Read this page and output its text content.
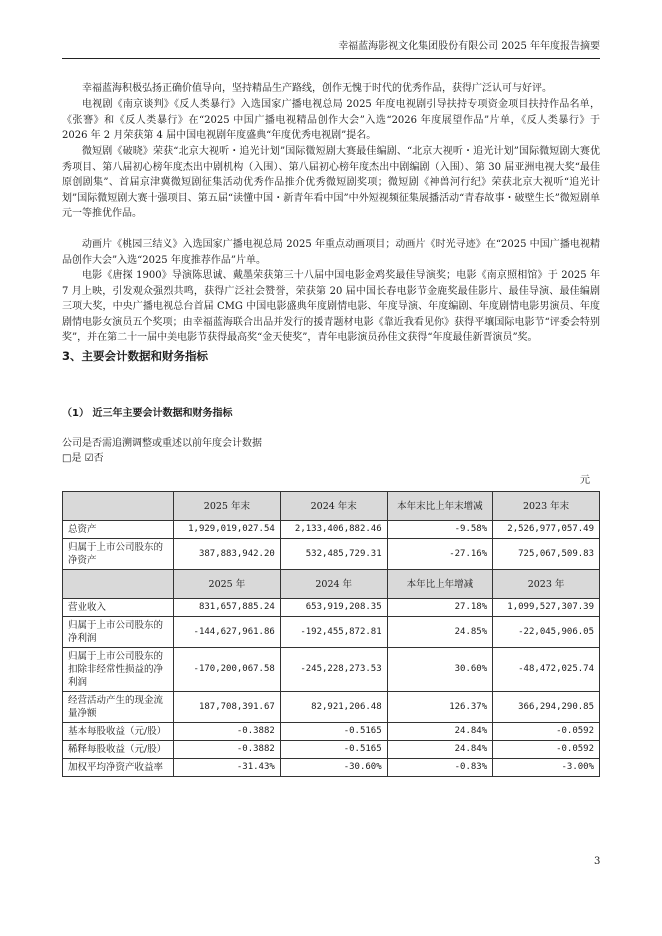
幸福蓝海影视文化集团股份有限公司 2025 年年度报告摘要

幸福蓝海积极弘扬正确价值导向，坚持精品生产路线，创作无愧于时代的优秀作品，获得广泛认可与好评。

电视剧《南京谈判》《反人类暴行》入选国家广播电视总局 2025 年度电视剧引导扶持专项资金项目扶持作品名单，《张謇》和《反人类暴行》在“2025 中国广播电视精品创作大会”入选“2026 年度展望作品”片单，《反人类暴行》于 2026 年 2 月荣获第 4 届中国电视剧年度盛典“年度优秀电视剧”提名。

微短剧《破晓》荣获“北京大视听・追光计划”国际微短剧大赛最佳编剧、“北京大视听・追光计划”国际微短剧大赛优秀项目、第八届初心榜年度杰出中剧机构（入围）、第八届初心榜年度杰出中剧编剧（入围）、第 30 届亚洲电视大奖“最佳原创剧集”、首届京津冀微短剧征集活动优秀作品推介优秀微短剧奖项；微短剧《神兽河行纪》荣获北京大视听“追光计划”国际微短剧大赛十强项目、第五届“读懂中国・新青年看中国”中外短视频征集展播活动“青春故事・破壁生长”微短剧单元一等推优作品。

动画片《桃园三结义》入选国家广播电视总局 2025 年重点动画项目；动画片《时光寻迹》在“2025 中国广播电视精品创作大会”入选“2025 年度推荐作品”片单。

电影《唐探 1900》导演陈思诚、戴墨荣获第三十八届中国电影金鸡奖最佳导演奖；电影《南京照相馆》于 2025 年 7 月上映，引发观众强烈共鸣，获得广泛社会赞誉，荣获第 20 届中国长春电影节金鹿奖最佳影片、最佳导演、最佳编剧三项大奖，中央广播电视总台首届 CMG 中国电影盛典年度剧情电影、年度导演、年度编剧、年度剧情电影男演员、年度剧情电影女演员五个奖项；由幸福蓝海联合出品并发行的援青题材电影《靠近我看见你》获得平壤国际电影节“评委会特别奖”，并在第二十一届中美电影节获得最高奖“金天使奖”，青年电影演员孙佳文获得“年度最佳新晋演员”奖。

3、主要会计数据和财务指标
（1） 近三年主要会计数据和财务指标
公司是否需追溯调整或重述以前年度会计数据
□是 ☑否
元
	2025 年末	2024 年末	本年末比上年末增减	2023 年末
总资产	1,929,019,027.54	2,133,406,882.46	-9.58%	2,526,977,057.49
归属于上市公司股东的净资产	387,883,942.20	532,485,729.31	-27.16%	725,067,509.83
	2025 年	2024 年	本年比上年增减	2023 年
营业收入	831,657,885.24	653,919,208.35	27.18%	1,099,527,307.39
归属于上市公司股东的净利润	-144,627,961.86	-192,455,872.81	24.85%	-22,045,906.05
归属于上市公司股东的扣除非经常性损益的净利润	-170,200,067.58	-245,228,273.53	30.60%	-48,472,025.74
经营活动产生的现金流量净额	187,708,391.67	82,921,206.48	126.37%	366,294,290.85
基本每股收益（元/股）	-0.3882	-0.5165	24.84%	-0.0592
稀释每股收益（元/股）	-0.3882	-0.5165	24.84%	-0.0592
加权平均净资产收益率	-31.43%	-30.60%	-0.83%	-3.00%
3
